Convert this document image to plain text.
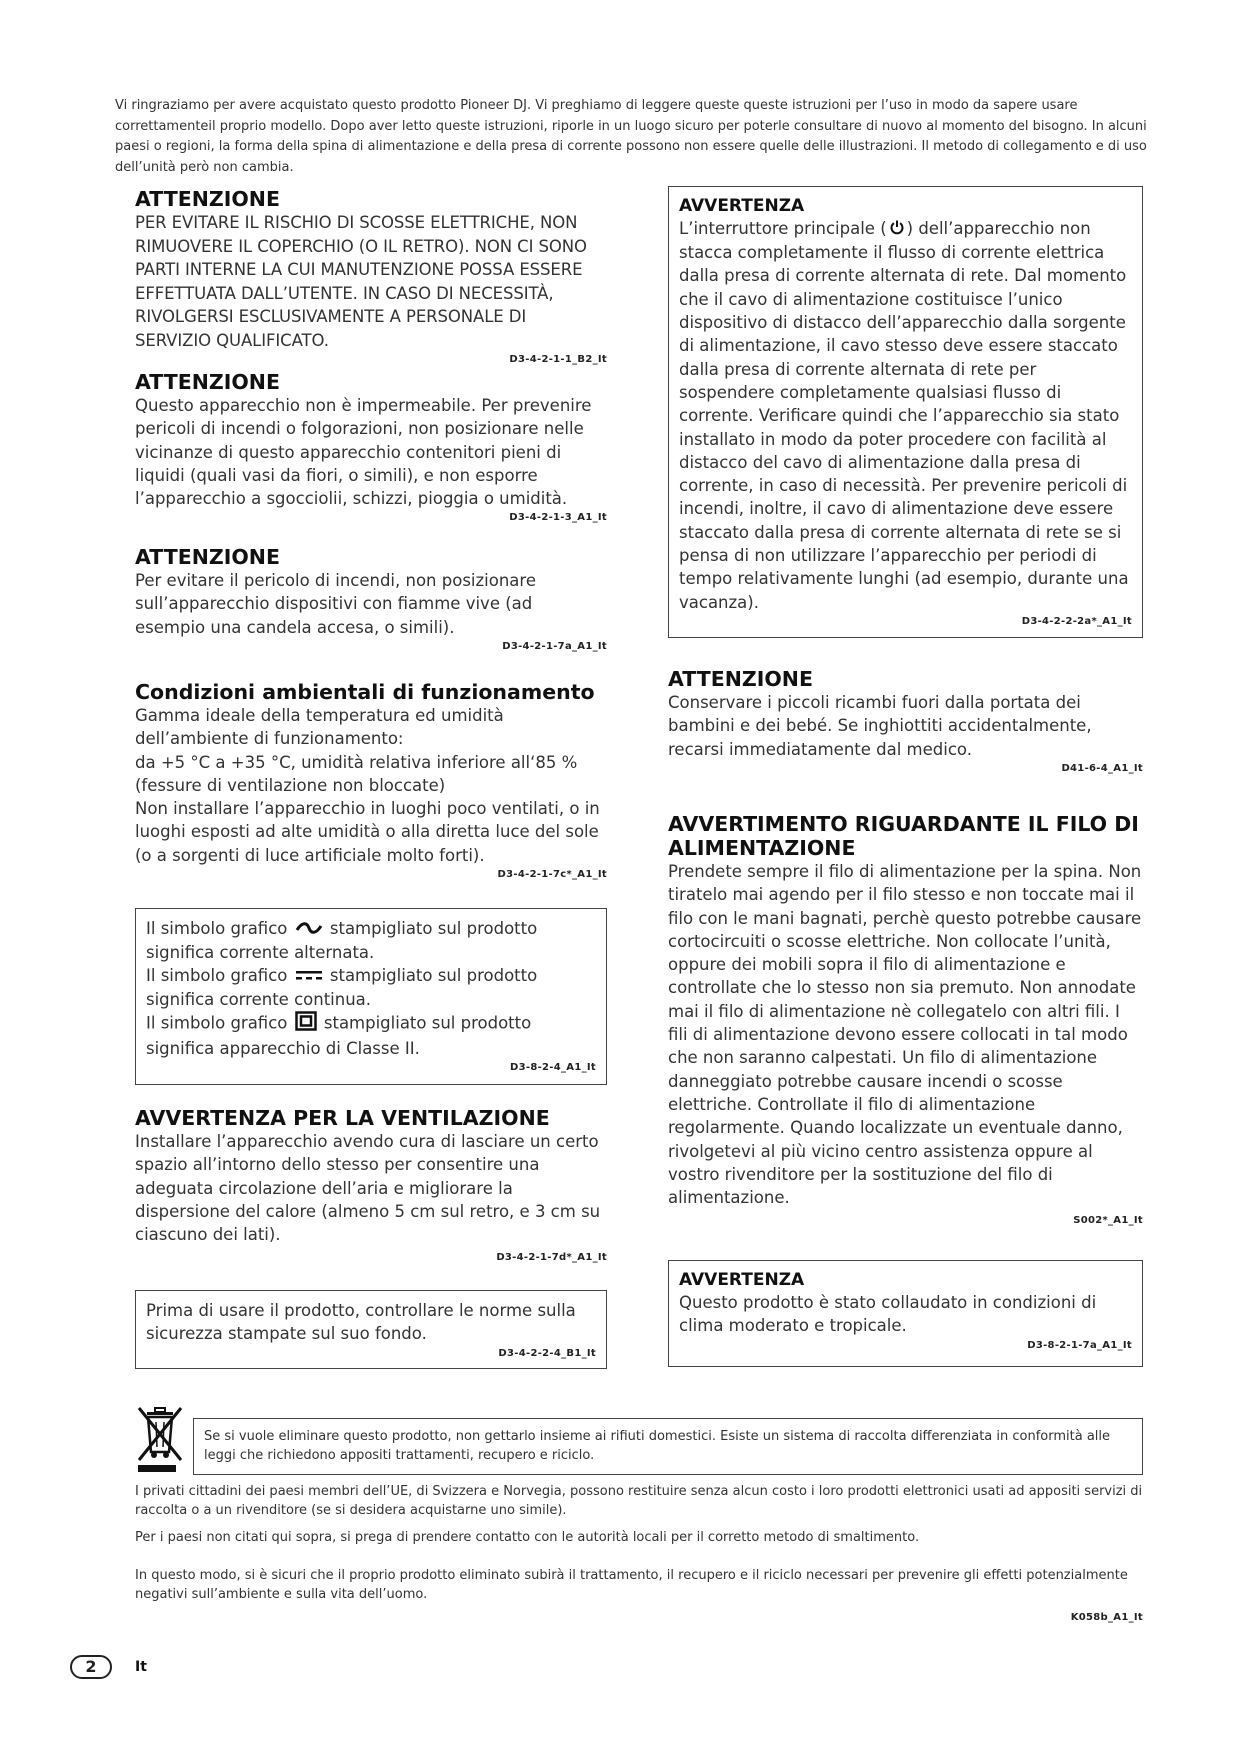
Vi ringraziamo per avere acquistato questo prodotto Pioneer DJ. Vi preghiamo di leggere queste queste istruzioni per l’uso in modo da sapere usare correttamenteil proprio modello. Dopo aver letto queste istruzioni, riporle in un luogo sicuro per poterle consultare di nuovo al momento del bisogno. In alcuni paesi o regioni, la forma della spina di alimentazione e della presa di corrente possono non essere quelle delle illustrazioni. Il metodo di collegamento e di uso dell’unità però non cambia.
ATTENZIONE
PER EVITARE IL RISCHIO DI SCOSSE ELETTRICHE, NON RIMUOVERE IL COPERCHIO (O IL RETRO). NON CI SONO PARTI INTERNE LA CUI MANUTENZIONE POSSA ESSERE EFFETTUATA DALL’UTENTE. IN CASO DI NECESSITÀ, RIVOLGERSI ESCLUSIVAMENTE A PERSONALE DI SERVIZIO QUALIFICATO.
D3-4-2-1-1_B2_It
ATTENZIONE
Questo apparecchio non è impermeabile. Per prevenire pericoli di incendi o folgorazioni, non posizionare nelle vicinanze di questo apparecchio contenitori pieni di liquidi (quali vasi da fiori, o simili), e non esporre l’apparecchio a sgocciolii, schizzi, pioggia o umidità.
D3-4-2-1-3_A1_It
ATTENZIONE
Per evitare il pericolo di incendi, non posizionare sull’apparecchio dispositivi con fiamme vive (ad esempio una candela accesa, o simili).
D3-4-2-1-7a_A1_It
Condizioni ambientali di funzionamento
Gamma ideale della temperatura ed umidità dell’ambiente di funzionamento:
da +5 °C a +35 °C, umidità relativa inferiore all‘85 % (fessure di ventilazione non bloccate)
Non installare l’apparecchio in luoghi poco ventilati, o in luoghi esposti ad alte umidità o alla diretta luce del sole (o a sorgenti di luce artificiale molto forti).
D3-4-2-1-7c*_A1_It
Il simbolo grafico	stampigliato sul prodotto
significa corrente alternata.
Il simbolo grafico	stampigliato sul prodotto
significa corrente continua.
Il simbolo grafico stampigliato sul prodotto
significa apparecchio di Classe II.
D3-8-2-4_A1_It
AVVERTENZA PER LA VENTILAZIONE
Installare l’apparecchio avendo cura di lasciare un certo spazio all’intorno dello stesso per consentire una adeguata circolazione dell’aria e migliorare la dispersione del calore (almeno 5 cm sul retro, e 3 cm su ciascuno dei lati).
D3-4-2-1-7d*_A1_It
Prima di usare il prodotto, controllare le norme sulla sicurezza stampate sul suo fondo.
D3-4-2-2-4_B1_It
AVVERTENZA
L’interruttore principale ( ) dell’apparecchio non stacca completamente il flusso di corrente elettrica dalla presa di corrente alternata di rete. Dal momento che il cavo di alimentazione costituisce l’unico dispositivo di distacco dell’apparecchio dalla sorgente di alimentazione, il cavo stesso deve essere staccato dalla presa di corrente alternata di rete per sospendere completamente qualsiasi flusso di corrente. Verificare quindi che l’apparecchio sia stato installato in modo da poter procedere con facilità al distacco del cavo di alimentazione dalla presa di corrente, in caso di necessità. Per prevenire pericoli di incendi, inoltre, il cavo di alimentazione deve essere staccato dalla presa di corrente alternata di rete se si pensa di non utilizzare l’apparecchio per periodi di tempo relativamente lunghi (ad esempio, durante una vacanza).
D3-4-2-2-2a*_A1_It
ATTENZIONE
Conservare i piccoli ricambi fuori dalla portata dei bambini e dei bebé. Se inghiottiti accidentalmente, recarsi immediatamente dal medico.
D41-6-4_A1_It
AVVERTIMENTO RIGUARDANTE IL FILO DI ALIMENTAZIONE
Prendete sempre il filo di alimentazione per la spina. Non tiratelo mai agendo per il filo stesso e non toccate mai il filo con le mani bagnati, perchè questo potrebbe causare cortocircuiti o scosse elettriche. Non collocate l’unità, oppure dei mobili sopra il filo di alimentazione e controllate che lo stesso non sia premuto. Non annodate mai il filo di alimentazione nè collegatelo con altri fili. I fili di alimentazione devono essere collocati in tal modo che non saranno calpestati. Un filo di alimentazione danneggiato potrebbe causare incendi o scosse elettriche. Controllate il filo di alimentazione regolarmente. Quando localizzate un eventuale danno, rivolgetevi al più vicino centro assistenza oppure al vostro rivenditore per la sostituzione del filo di alimentazione.
S002*_A1_It
AVVERTENZA
Questo prodotto è stato collaudato in condizioni di clima moderato e tropicale.
D3-8-2-1-7a_A1_It
Se si vuole eliminare questo prodotto, non gettarlo insieme ai rifiuti domestici. Esiste un sistema di raccolta differenziata in conformità alle leggi che richiedono appositi trattamenti, recupero e riciclo.
I privati cittadini dei paesi membri dell’UE, di Svizzera e Norvegia, possono restituire senza alcun costo i loro prodotti elettronici usati ad appositi servizi di raccolta o a un rivenditore (se si desidera acquistarne uno simile).
Per i paesi non citati qui sopra, si prega di prendere contatto con le autorità locali per il corretto metodo di smaltimento.
In questo modo, si è sicuri che il proprio prodotto eliminato subirà il trattamento, il recupero e il riciclo necessari per prevenire gli effetti potenzialmente negativi sull’ambiente e sulla vita dell’uomo.
K058b_A1_It
2	It
